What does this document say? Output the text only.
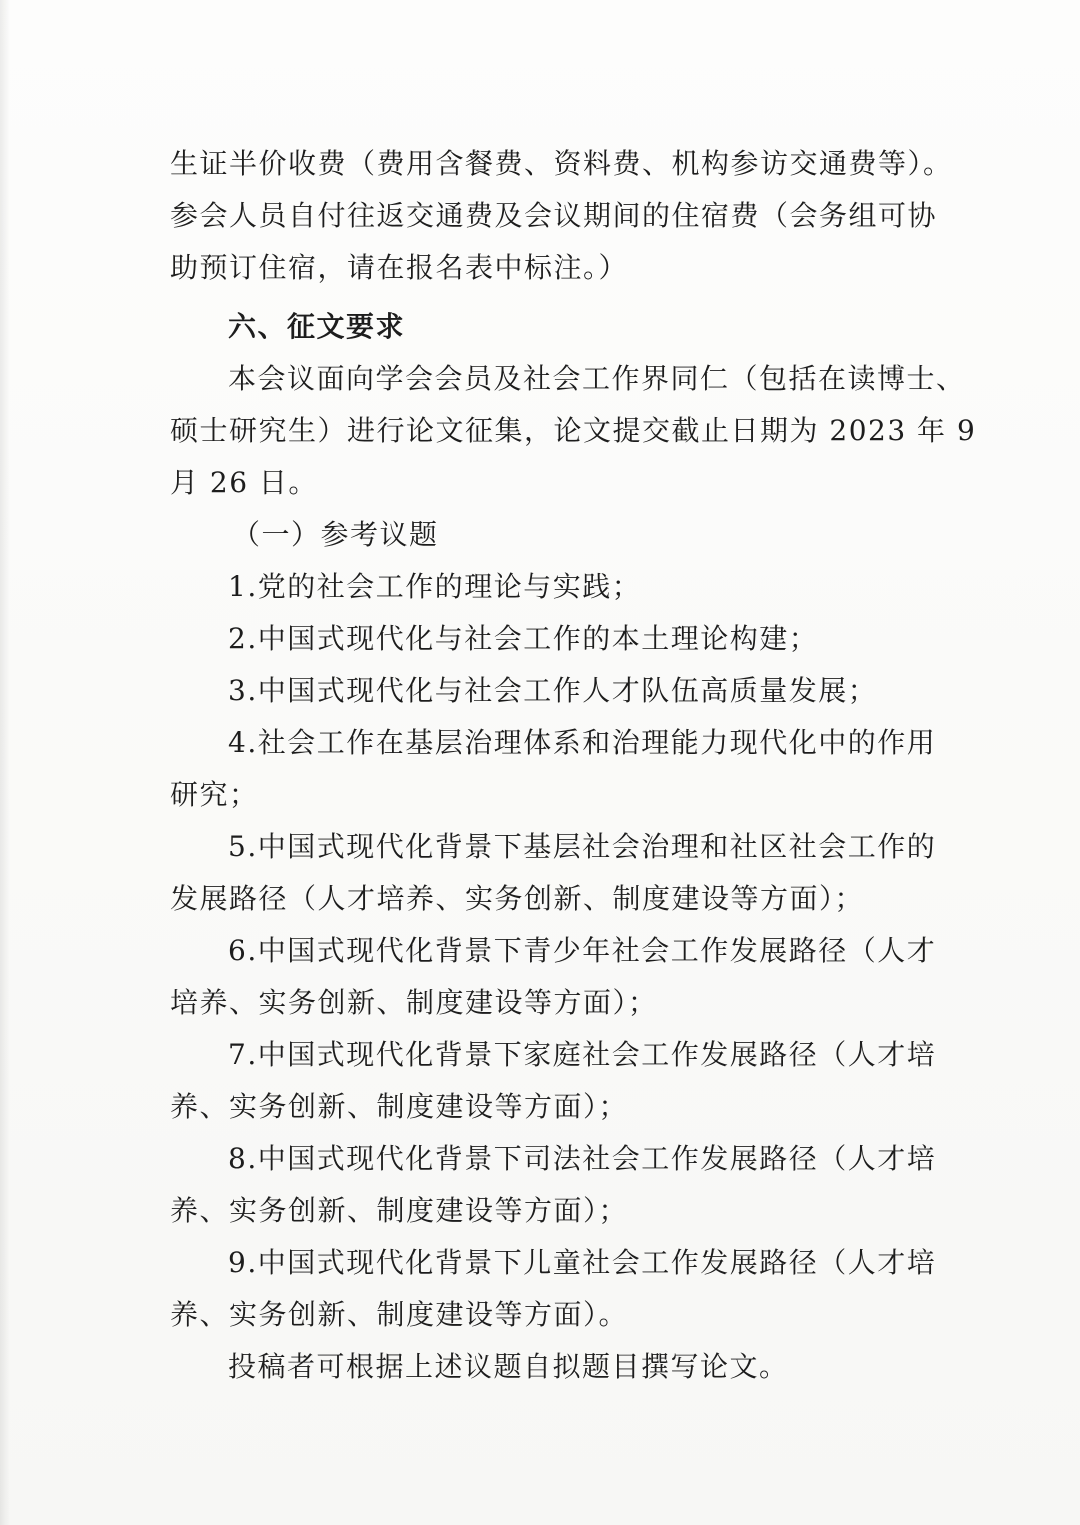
生证半价收费（费用含餐费、资料费、机构参访交通费等）。
参会人员自付往返交通费及会议期间的住宿费（会务组可协
助预订住宿，请在报名表中标注。）
六、征文要求
本会议面向学会会员及社会工作界同仁（包括在读博士、
硕士研究生）进行论文征集，论文提交截止日期为 2023 年 9
月 26 日。
（一）参考议题
1.党的社会工作的理论与实践；
2.中国式现代化与社会工作的本土理论构建；
3.中国式现代化与社会工作人才队伍高质量发展；
4.社会工作在基层治理体系和治理能力现代化中的作用
研究；
5.中国式现代化背景下基层社会治理和社区社会工作的
发展路径（人才培养、实务创新、制度建设等方面）；
6.中国式现代化背景下青少年社会工作发展路径（人才
培养、实务创新、制度建设等方面）；
7.中国式现代化背景下家庭社会工作发展路径（人才培
养、实务创新、制度建设等方面）；
8.中国式现代化背景下司法社会工作发展路径（人才培
养、实务创新、制度建设等方面）；
9.中国式现代化背景下儿童社会工作发展路径（人才培
养、实务创新、制度建设等方面）。
投稿者可根据上述议题自拟题目撰写论文。
